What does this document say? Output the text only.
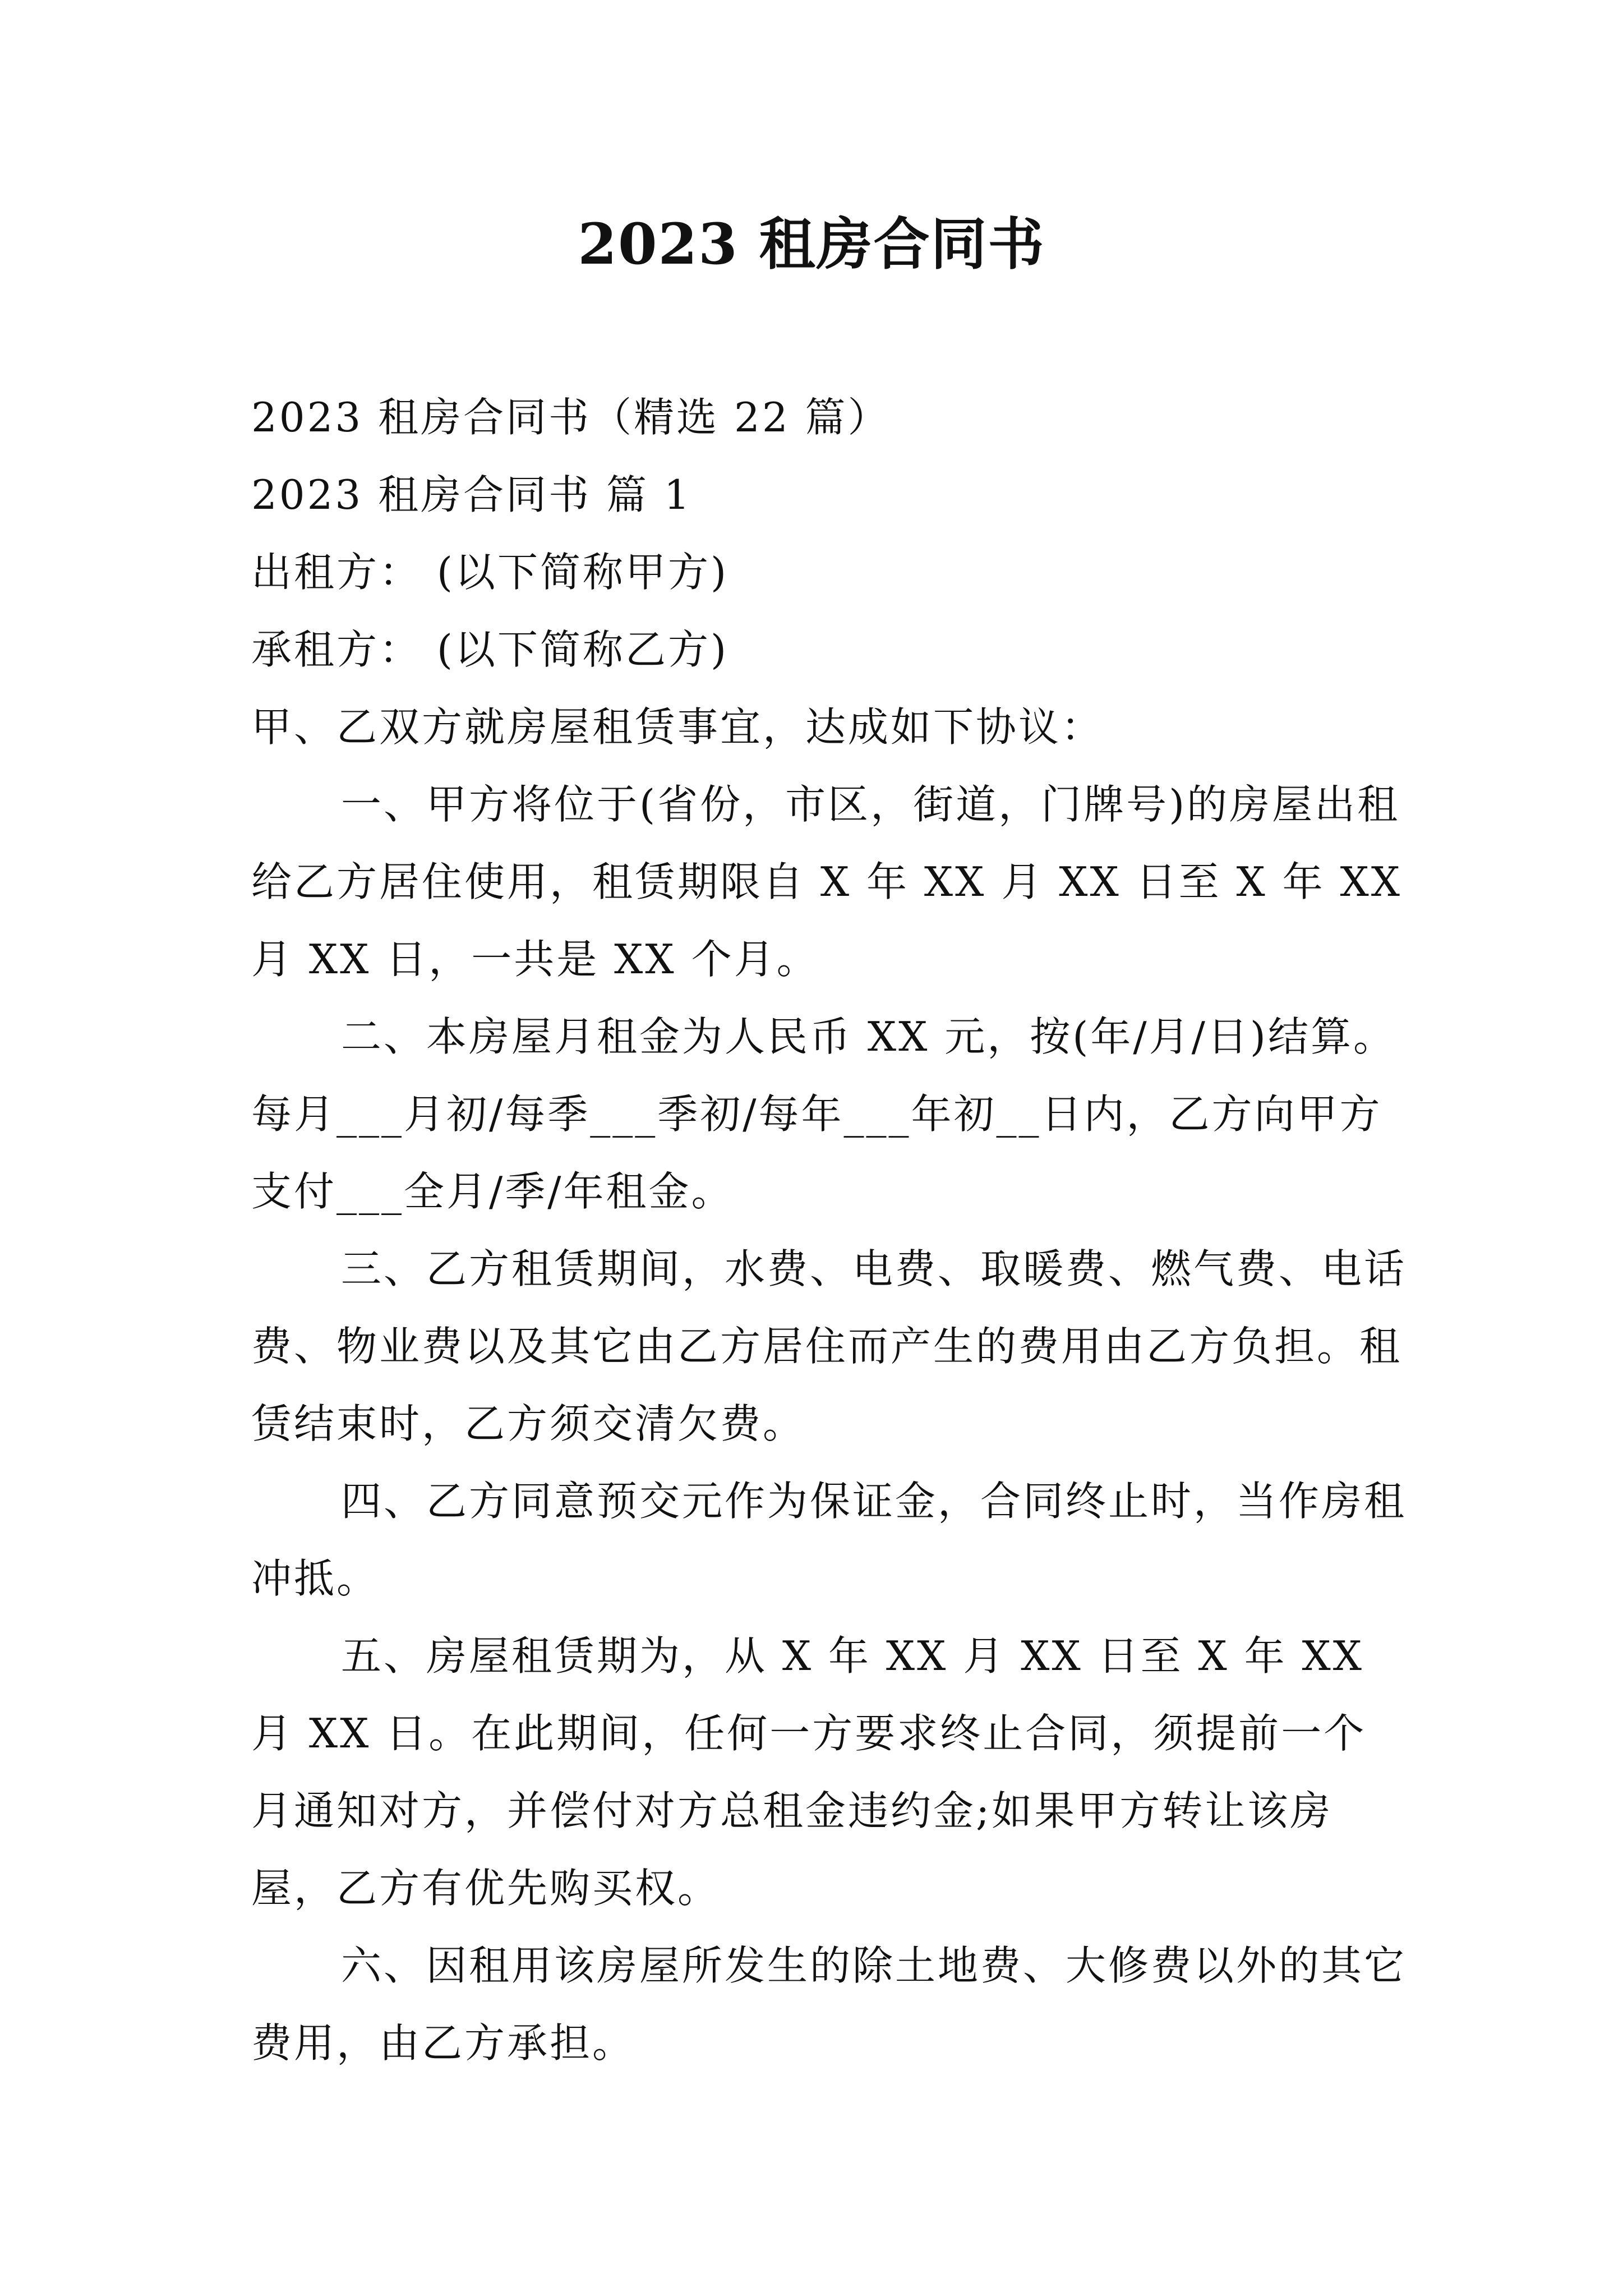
2023 租房合同书

2023 租房合同书（精选 22 篇）

2023 租房合同书 篇 1

出租方： (以下简称甲方)

承租方： (以下简称乙方)

甲、乙双方就房屋租赁事宜，达成如下协议：

一、甲方将位于(省份，市区，街道，门牌号)的房屋出租给乙方居住使用，租赁期限自 X 年 XX 月 XX 日至 X 年 XX 月 XX 日，一共是 XX 个月。

二、本房屋月租金为人民币 XX 元，按(年/月/日)结算。每月___月初/每季___季初/每年___年初__日内，乙方向甲方支付___全月/季/年租金。

三、乙方租赁期间，水费、电费、取暖费、燃气费、电话费、物业费以及其它由乙方居住而产生的费用由乙方负担。租赁结束时，乙方须交清欠费。

四、乙方同意预交元作为保证金，合同终止时，当作房租冲抵。

五、房屋租赁期为，从 X 年 XX 月 XX 日至 X 年 XX 月 XX 日。在此期间，任何一方要求终止合同，须提前一个月通知对方，并偿付对方总租金违约金;如果甲方转让该房屋，乙方有优先购买权。

六、因租用该房屋所发生的除土地费、大修费以外的其它费用，由乙方承担。
